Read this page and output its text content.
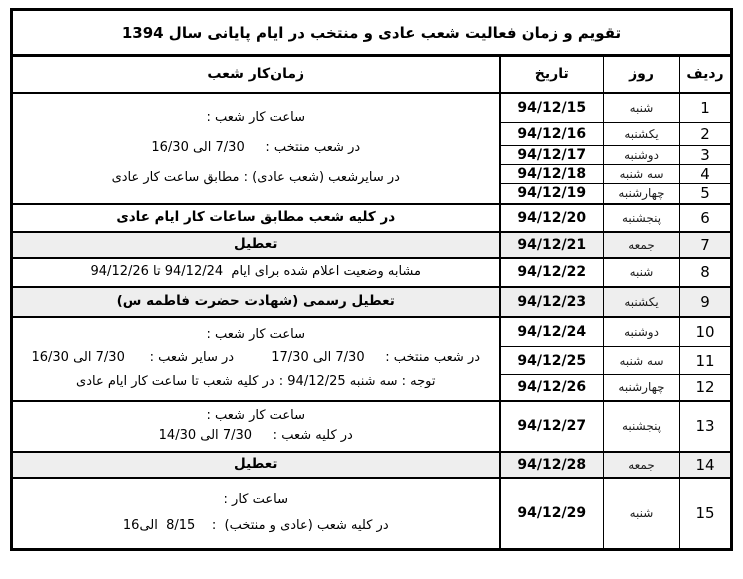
تقویم و زمان فعالیت شعب عادی و منتخب در ایام پایانی سال 1394			
ردیف	روز	تاریخ	زمان‌کار شعب
1	شنبه	94/12/15	ساعت کار شعب :
در شعب منتخب :     7/30 الی 16/30
در سایرشعب (شعب عادی) : مطابق ساعت کار عادی

2	یکشنبه	94/12/16	
3	دوشنبه	94/12/17	
4	سه شنبه	94/12/18	
5	چهارشنبه	94/12/19	
6	پنجشنبه	94/12/20	در کلیه شعب مطابق ساعات کار ایام عادی

7	جمعه	94/12/21	تعطیل

8	شنبه	94/12/22	مشابه وضعیت اعلام شده برای ایام  94/12/24 تا 94/12/26

9	یکشنبه	94/12/23	تعطیل رسمی (شهادت حضرت فاطمه س)

10	دوشنبه	94/12/24	ساعت کار شعب :
در شعب منتخب :     7/30 الی 17/30         در سایر شعب :      7/30 الی 16/30
توجه : سه شنبه 94/12/25 : در کلیه شعب تا ساعت کار ایام عادی

11	سه شنبه	94/12/25	
12	چهارشنبه	94/12/26	
13	پنجشنبه	94/12/27	ساعت کار شعب :
در کلیه شعب :     7/30 الی 14/30

14	جمعه	94/12/28	تعطیل

15	شنبه	94/12/29	ساعت کار :
در کلیه شعب (عادی و منتخب)  :    8/15  الی16
